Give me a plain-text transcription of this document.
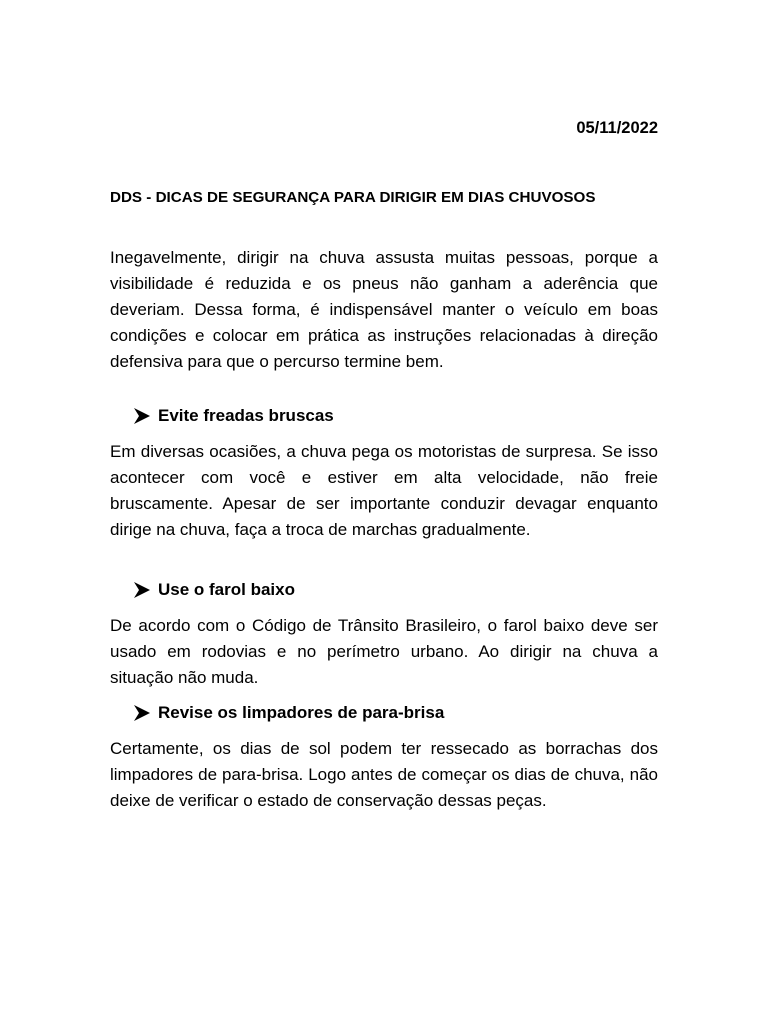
05/11/2022
DDS - DICAS DE SEGURANÇA PARA DIRIGIR EM DIAS CHUVOSOS
Inegavelmente, dirigir na chuva assusta muitas pessoas, porque a visibilidade é reduzida e os pneus não ganham a aderência que deveriam. Dessa forma, é indispensável manter o veículo em boas condições e colocar em prática as instruções relacionadas à direção defensiva para que o percurso termine bem.
Evite freadas bruscas
Em diversas ocasiões, a chuva pega os motoristas de surpresa. Se isso acontecer com você e estiver em alta velocidade, não freie bruscamente. Apesar de ser importante conduzir devagar enquanto dirige na chuva, faça a troca de marchas gradualmente.
Use o farol baixo
De acordo com o Código de Trânsito Brasileiro, o farol baixo deve ser usado em rodovias e no perímetro urbano. Ao dirigir na chuva a situação não muda.
Revise os limpadores de para-brisa
Certamente, os dias de sol podem ter ressecado as borrachas dos limpadores de para-brisa. Logo antes de começar os dias de chuva, não deixe de verificar o estado de conservação dessas peças.
